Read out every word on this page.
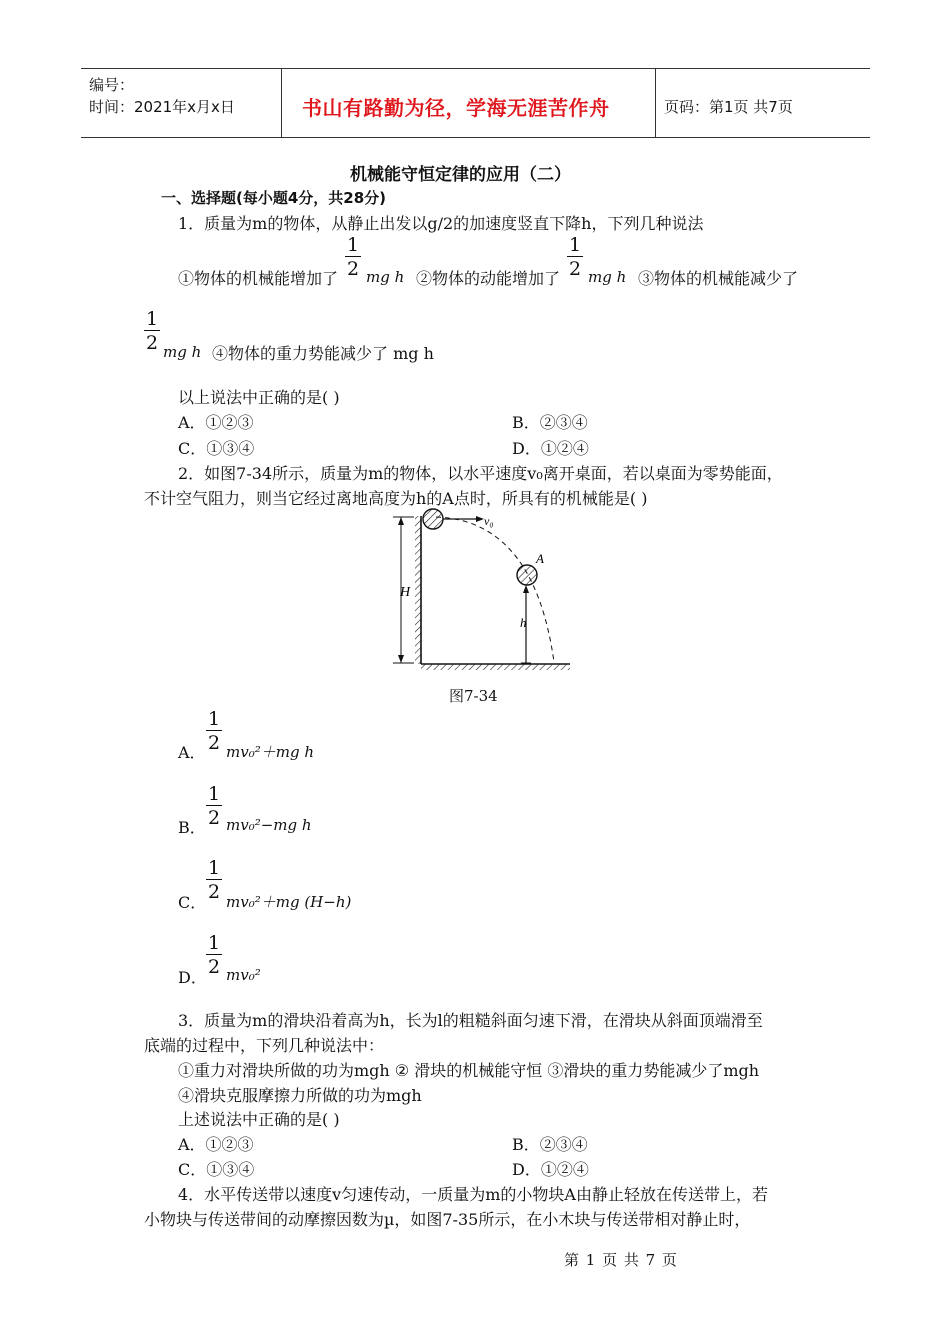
编号：
时间：2021年x月x日	书山有路勤为径，学海无涯苦作舟	页码：第1页 共7页
机械能守恒定律的应用（二）
一、选择题(每小题4分，共28分)
1．质量为m的物体，从静止出发以g/2的加速度竖直下降h，下列几种说法
①物体的机械能增加了
1
2 mg h ②物体的动能增加了
1
2 mg h ③物体的机械能减少了
1
2 mg h ④物体的重力势能减少了 mg h
以上说法中正确的是( )
A．①②③	B．②③④
C．①③④	D．①②④
2．如图7-34所示，质量为m的物体，以水平速度v₀离开桌面，若以桌面为零势能面，
不计空气阻力，则当它经过离地高度为h的A点时，所具有的机械能是( )
v₀
A
H
h
图7-34
A．
1
2 mv₀²＋mg h
B．
1
2 mv₀²−mg h
C．
1
2 mv₀²＋mg (H−h)
D．
1
2 mv₀²
3．质量为m的滑块沿着高为h，长为l的粗糙斜面匀速下滑，在滑块从斜面顶端滑至
底端的过程中，下列几种说法中：
①重力对滑块所做的功为mgh ② 滑块的机械能守恒 ③滑块的重力势能减少了mgh
④滑块克服摩擦力所做的功为mgh
上述说法中正确的是( )
A．①②③	B．②③④
C．①③④	D．①②④
4．水平传送带以速度v匀速传动，一质量为m的小物块A由静止轻放在传送带上，若
小物块与传送带间的动摩擦因数为µ，如图7-35所示，在小木块与传送带相对静止时，
第 1 页 共 7 页
